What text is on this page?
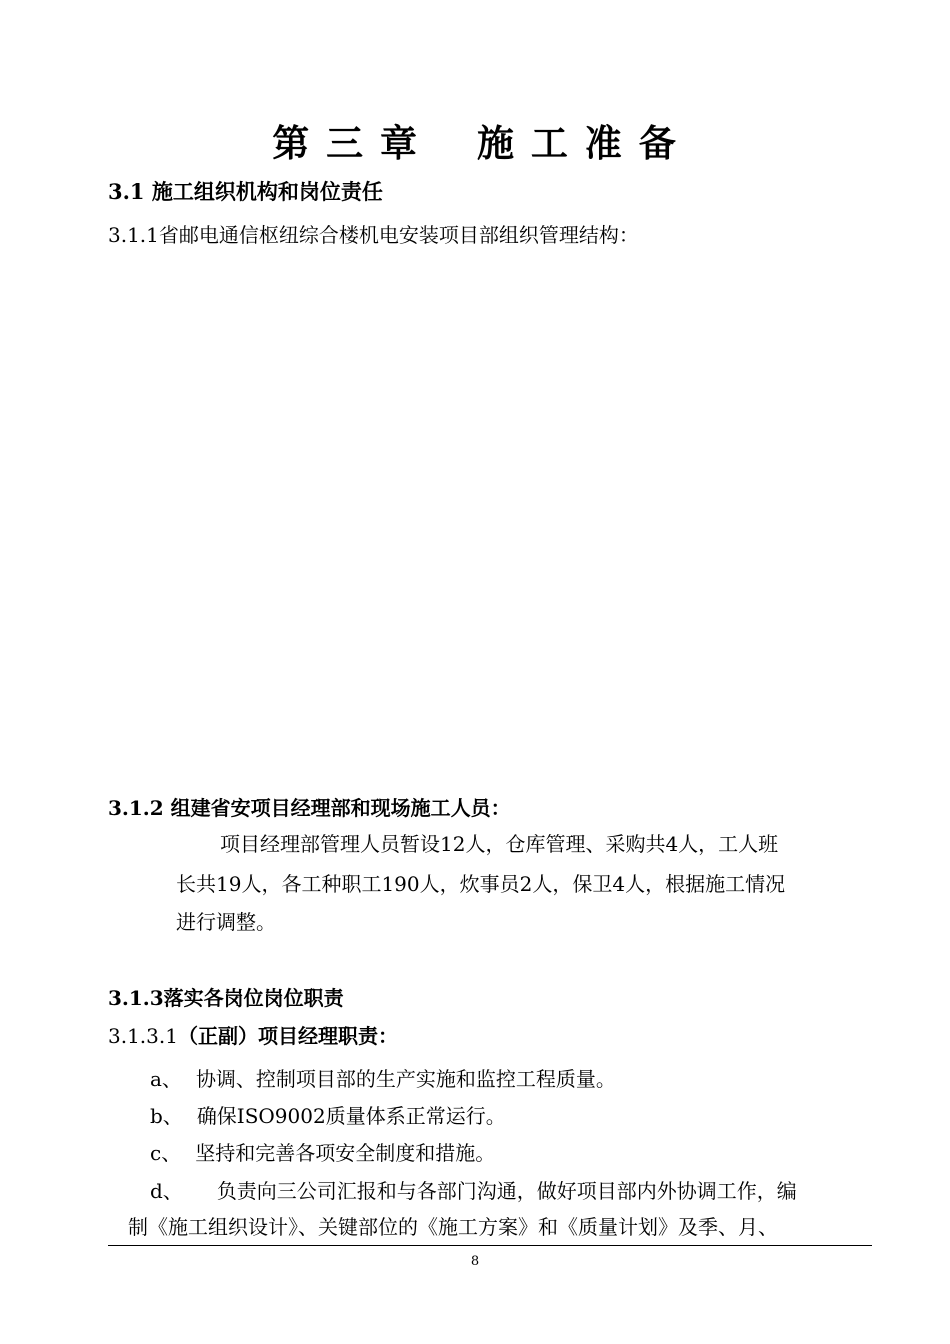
第 三 章 施 工 准 备
3.1 施工组织机构和岗位责任
3.1.1省邮电通信枢纽综合楼机电安装项目部组织管理结构：
3.1.2 组建省安项目经理部和现场施工人员：
项目经理部管理人员暂设12人，仓库管理、采购共4人，工人班
长共19人，各工种职工190人，炊事员2人，保卫4人，根据施工情况
进行调整。
3.1.3落实各岗位岗位职责
3.1.3.1（正副）项目经理职责：
a、 协调、控制项目部的生产实施和监控工程质量。
b、 确保ISO9002质量体系正常运行。
c、 坚持和完善各项安全制度和措施。
d、 负责向三公司汇报和与各部门沟通，做好项目部内外协调工作，编
制《施工组织设计》、关键部位的《施工方案》和《质量计划》及季、月、
8
